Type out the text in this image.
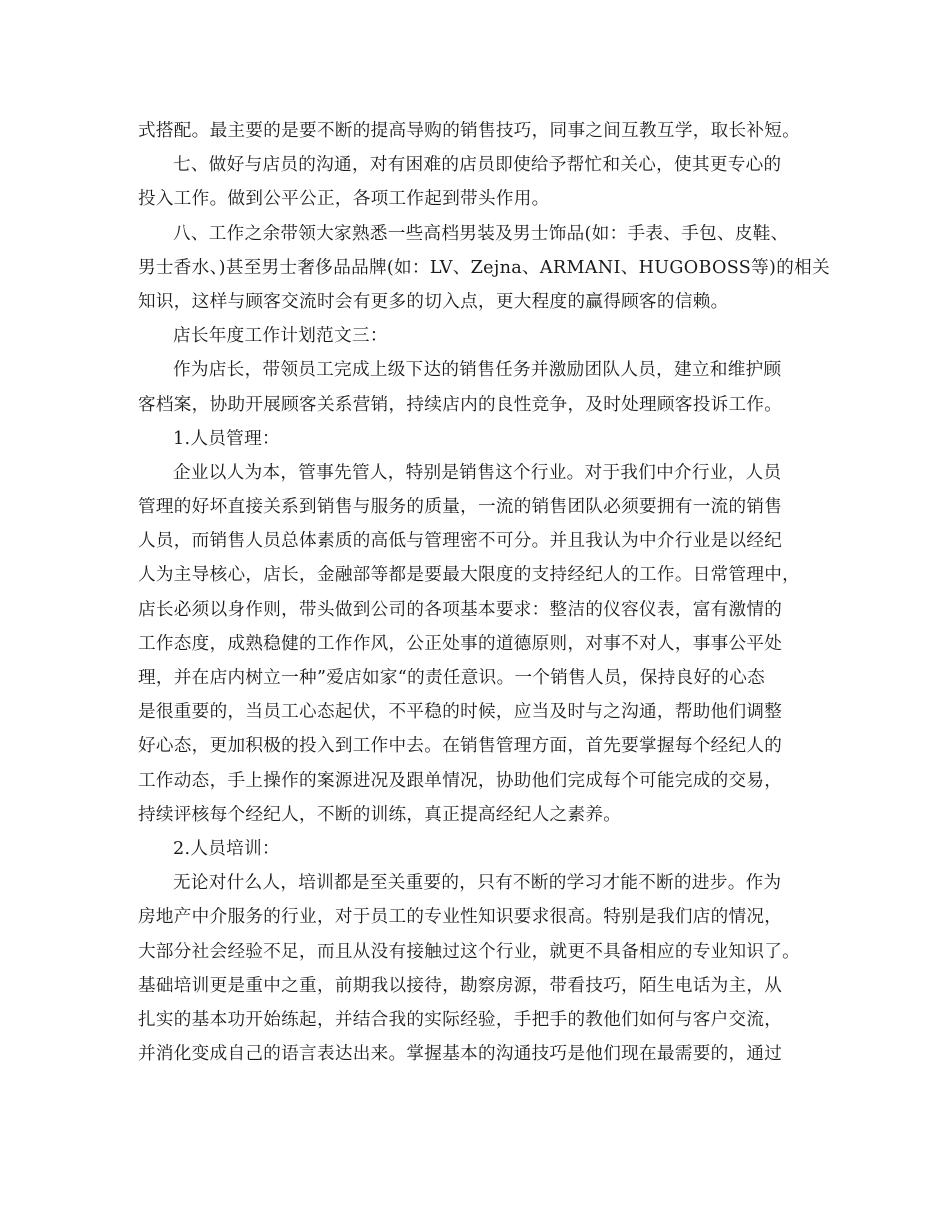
式搭配。最主要的是要不断的提高导购的销售技巧，同事之间互教互学，取长补短。
七、做好与店员的沟通，对有困难的店员即使给予帮忙和关心，使其更专心的
投入工作。做到公平公正，各项工作起到带头作用。
八、工作之余带领大家熟悉一些高档男装及男士饰品(如：手表、手包、皮鞋、
男士香水、)甚至男士奢侈品品牌(如：LV、Zejna、ARMANI、HUGOBOSS等)的相关
知识，这样与顾客交流时会有更多的切入点，更大程度的赢得顾客的信赖。
店长年度工作计划范文三：
作为店长，带领员工完成上级下达的销售任务并激励团队人员，建立和维护顾
客档案，协助开展顾客关系营销，持续店内的良性竞争，及时处理顾客投诉工作。
1.人员管理：
企业以人为本，管事先管人，特别是销售这个行业。对于我们中介行业，人员
管理的好坏直接关系到销售与服务的质量，一流的销售团队必须要拥有一流的销售
人员，而销售人员总体素质的高低与管理密不可分。并且我认为中介行业是以经纪
人为主导核心，店长，金融部等都是要最大限度的支持经纪人的工作。日常管理中，
店长必须以身作则，带头做到公司的各项基本要求：整洁的仪容仪表，富有激情的
工作态度，成熟稳健的工作作风，公正处事的道德原则，对事不对人，事事公平处
理，并在店内树立一种”爱店如家“的责任意识。一个销售人员，保持良好的心态
是很重要的，当员工心态起伏，不平稳的时候，应当及时与之沟通，帮助他们调整
好心态，更加积极的投入到工作中去。在销售管理方面，首先要掌握每个经纪人的
工作动态，手上操作的案源进况及跟单情况，协助他们完成每个可能完成的交易，
持续评核每个经纪人，不断的训练，真正提高经纪人之素养。
2.人员培训：
无论对什么人，培训都是至关重要的，只有不断的学习才能不断的进步。作为
房地产中介服务的行业，对于员工的专业性知识要求很高。特别是我们店的情况，
大部分社会经验不足，而且从没有接触过这个行业，就更不具备相应的专业知识了。
基础培训更是重中之重，前期我以接待，勘察房源，带看技巧，陌生电话为主，从
扎实的基本功开始练起，并结合我的实际经验，手把手的教他们如何与客户交流，
并消化变成自己的语言表达出来。掌握基本的沟通技巧是他们现在最需要的，通过
